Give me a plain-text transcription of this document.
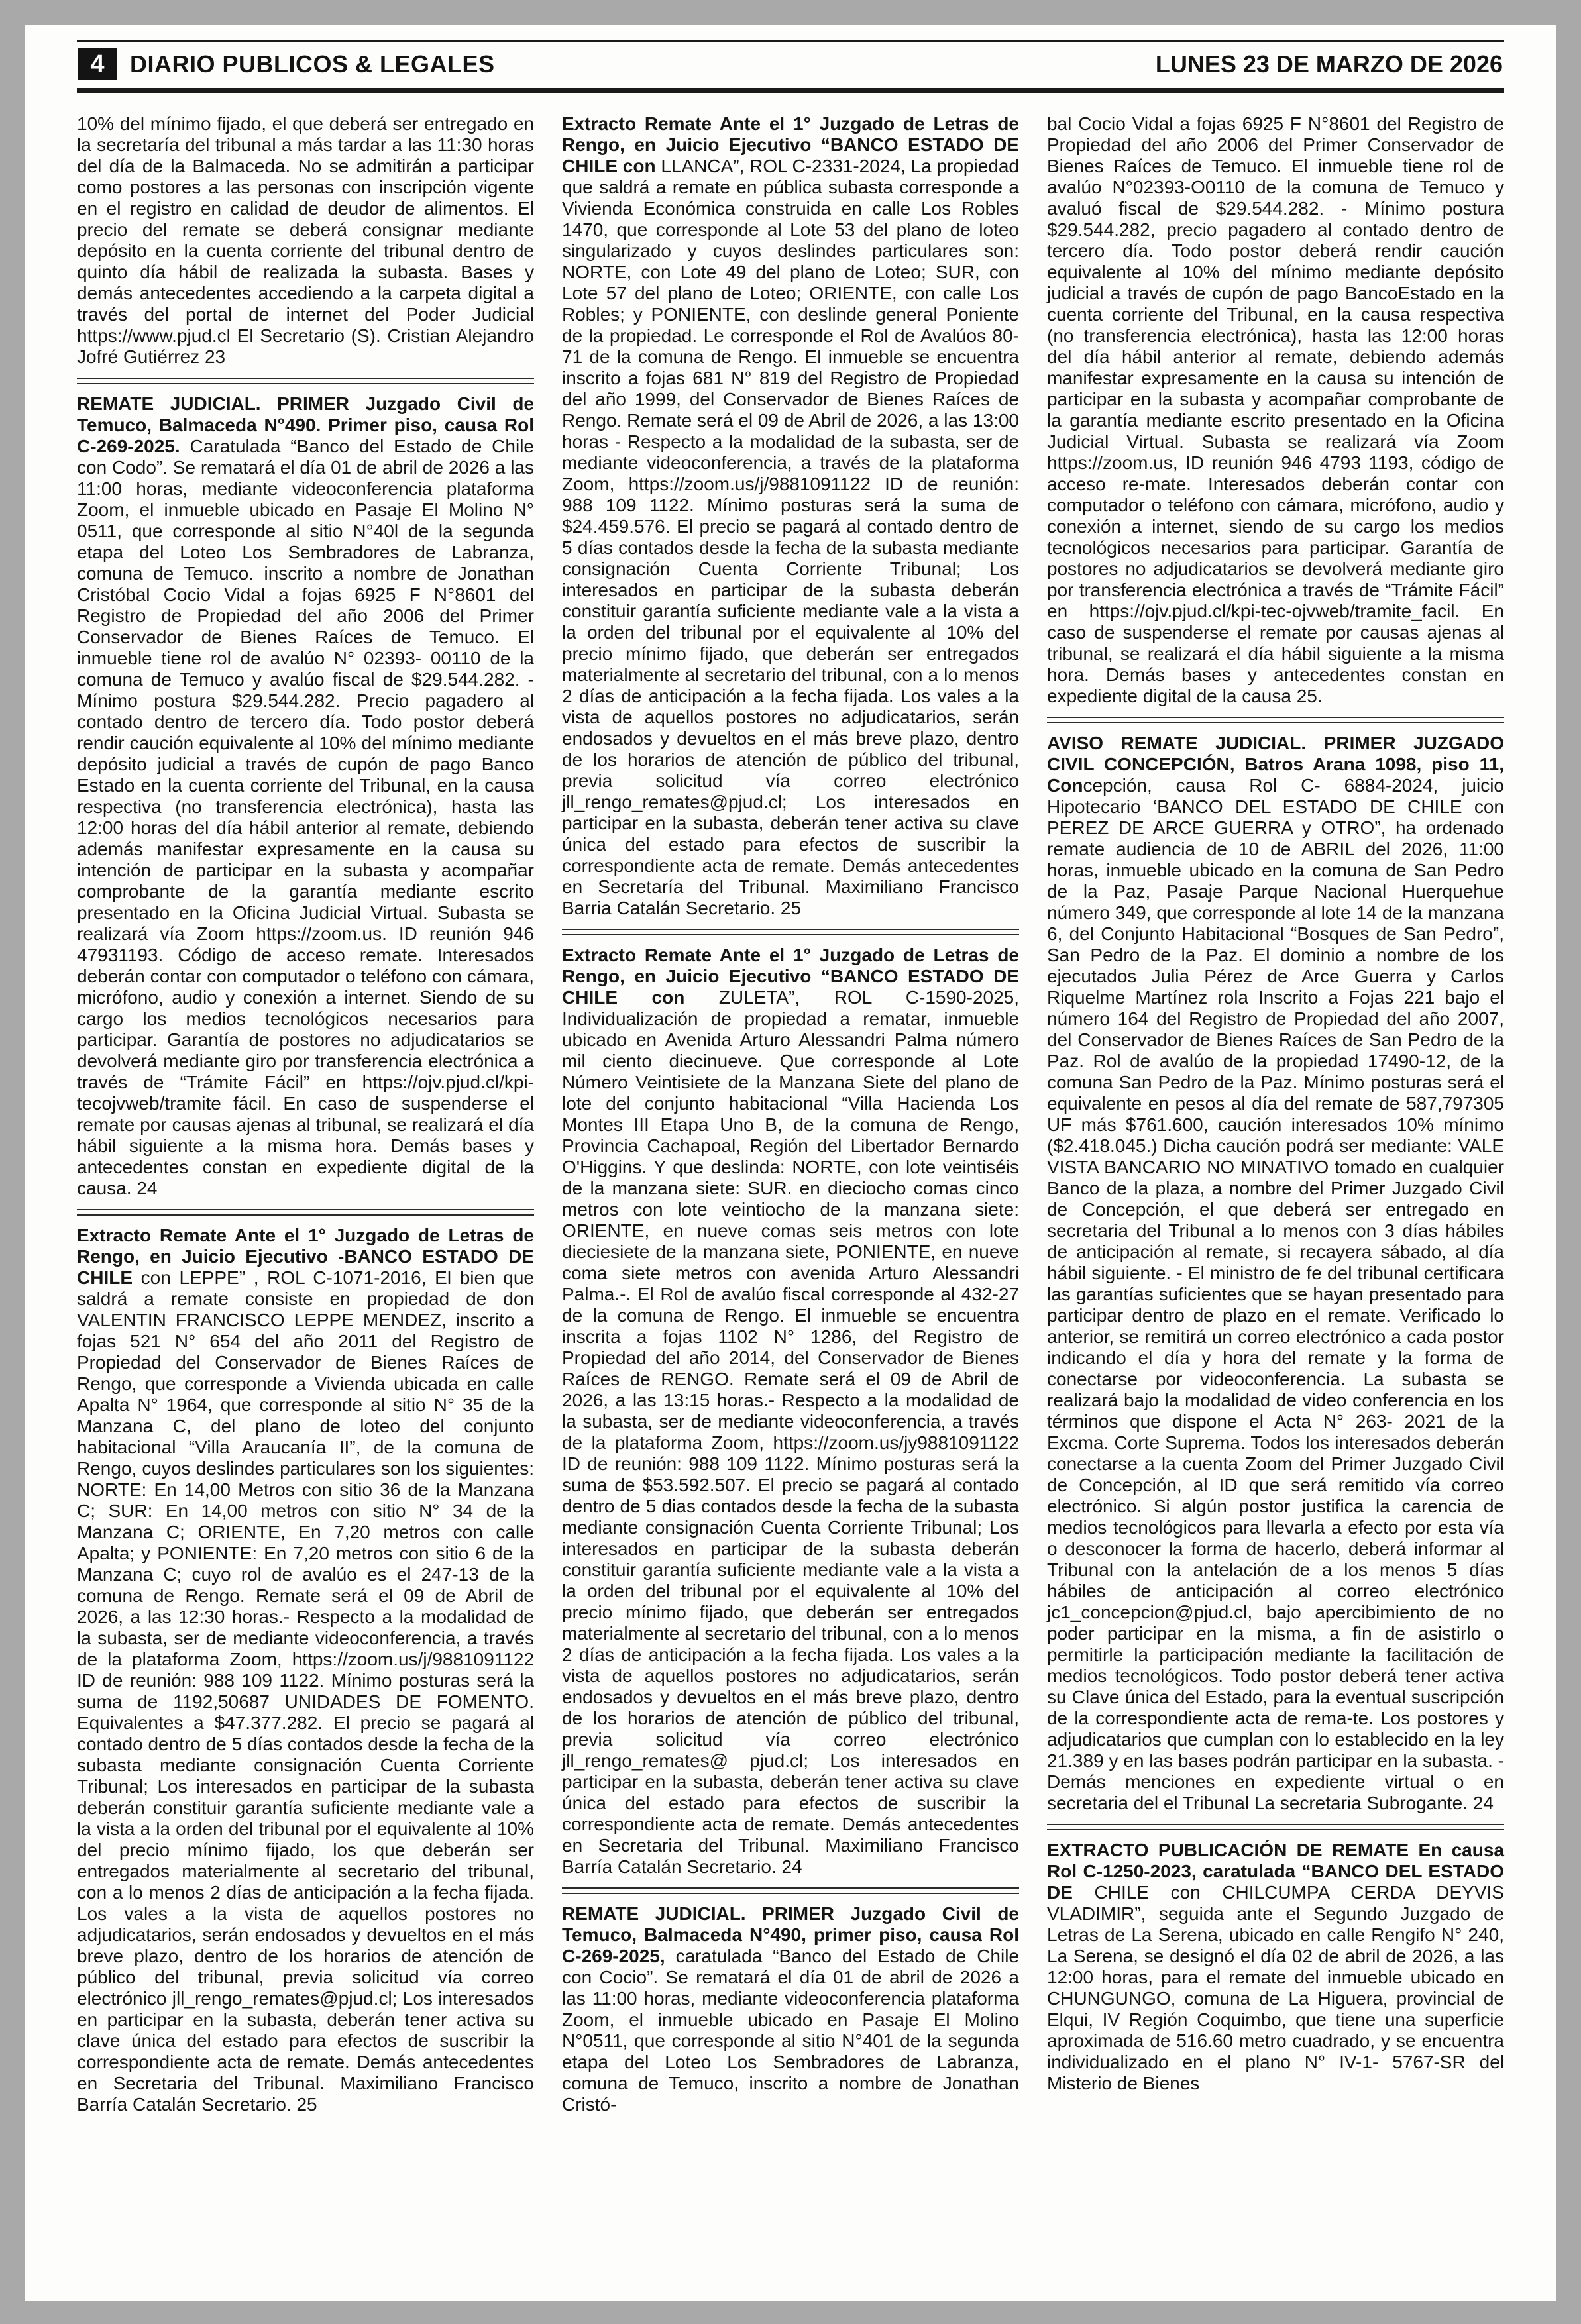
4 DIARIO PUBLICOS & LEGALES	LUNES 23 DE MARZO DE 2026

10% del mínimo fijado, el que deberá ser entregado en la secretaría del tribunal a más tardar a las 11:30 horas del día de la Balmaceda. No se admitirán a participar como postores a las personas con inscripción vigente en el registro en calidad de deudor de alimentos. El precio del remate se deberá consignar mediante depósito en la cuenta corriente del tribunal dentro de quinto día hábil de realizada la subasta. Bases y demás antecedentes accediendo a la carpeta digital a través del portal de internet del Poder Judicial https://www.pjud.cl El Secretario (S). Cristian Alejandro Jofré Gutiérrez 23

REMATE JUDICIAL. PRIMER Juzgado Civil de Temuco, Balmaceda N°490. Primer piso, causa Rol C-269-2025. Caratulada “Banco del Estado de Chile con Codo”. Se rematará el día 01 de abril de 2026 a las 11:00 horas, mediante videoconferencia plataforma Zoom, el inmueble ubicado en Pasaje El Molino N° 0511, que corresponde al sitio N°40l de la segunda etapa del Loteo Los Sembradores de Labranza, comuna de Temuco. inscrito a nombre de Jonathan Cristóbal Cocio Vidal a fojas 6925 F N°8601 del Registro de Propiedad del año 2006 del Primer Conservador de Bienes Raíces de Temuco. El inmueble tiene rol de avalúo N° 02393- 00110 de la comuna de Temuco y avalúo fiscal de $29.544.282. - Mínimo postura $29.544.282. Precio pagadero al contado dentro de tercero día. Todo postor deberá rendir caución equivalente al 10% del mínimo mediante depósito judicial a través de cupón de pago Banco Estado en la cuenta corriente del Tribunal, en la causa respectiva (no transferencia electrónica), hasta las 12:00 horas del día hábil anterior al remate, debiendo además manifestar expresamente en la causa su intención de participar en la subasta y acompañar comprobante de la garantía mediante escrito presentado en la Oficina Judicial Virtual. Subasta se realizará vía Zoom https://zoom.us. ID reunión 946 47931193. Código de acceso remate. Interesados deberán contar con computador o teléfono con cámara, micrófono, audio y conexión a internet. Siendo de su cargo los medios tecnológicos necesarios para participar. Garantía de postores no adjudicatarios se devolverá mediante giro por transferencia electrónica a través de “Trámite Fácil” en https://ojv.pjud.cl/kpi- tecojvweb/tramite fácil. En caso de suspenderse el remate por causas ajenas al tribunal, se realizará el día hábil siguiente a la misma hora. Demás bases y antecedentes constan en expediente digital de la causa. 24

Extracto Remate Ante el 1° Juzgado de Letras de Rengo, en Juicio Ejecutivo -BANCO ESTADO DE CHILE con LEPPE” , ROL C-1071-2016, El bien que saldrá a remate consiste en propiedad de don VALENTIN FRANCISCO LEPPE MENDEZ, inscrito a fojas 521 N° 654 del año 2011 del Registro de Propiedad del Conservador de Bienes Raíces de Rengo, que corresponde a Vivienda ubicada en calle Apalta N° 1964, que corresponde al sitio N° 35 de la Manzana C, del plano de loteo del conjunto habitacional “Villa Araucanía II”, de la comuna de Rengo, cuyos deslindes particulares son los siguientes: NORTE: En 14,00 Metros con sitio 36 de la Manzana C; SUR: En 14,00 metros con sitio N° 34 de la Manzana C; ORIENTE, En 7,20 metros con calle Apalta; y PONIENTE: En 7,20 metros con sitio 6 de la Manzana C; cuyo rol de avalúo es el 247-13 de la comuna de Rengo. Remate será el 09 de Abril de 2026, a las 12:30 horas.- Respecto a la modalidad de la subasta, ser de mediante videoconferencia, a través de la plataforma Zoom, https://zoom.us/j/9881091122 ID de reunión: 988 109 1122. Mínimo posturas será la suma de 1192,50687 UNIDADES DE FOMENTO. Equivalentes a $47.377.282. El precio se pagará al contado dentro de 5 días contados desde la fecha de la subasta mediante consignación Cuenta Corriente Tribunal; Los interesados en participar de la subasta deberán constituir garantía suficiente mediante vale a la vista a la orden del tribunal por el equivalente al 10% del precio mínimo fijado, los que deberán ser entregados materialmente al secretario del tribunal, con a lo menos 2 días de anticipación a la fecha fijada. Los vales a la vista de aquellos postores no adjudicatarios, serán endosados y devueltos en el más breve plazo, dentro de los horarios de atención de público del tribunal, previa solicitud vía correo electrónico jll_rengo_remates@pjud.cl; Los interesados en participar en la subasta, deberán tener activa su clave única del estado para efectos de suscribir la correspondiente acta de remate. Demás antecedentes en Secretaria del Tribunal. Maximiliano Francisco Barría Catalán Secretario. 25

Extracto Remate Ante el 1° Juzgado de Letras de Rengo, en Juicio Ejecutivo “BANCO ESTADO DE CHILE con LLANCA”, ROL C-2331-2024, La propiedad que saldrá a remate en pública subasta corresponde a Vivienda Económica construida en calle Los Robles 1470, que corresponde al Lote 53 del plano de loteo singularizado y cuyos deslindes particulares son: NORTE, con Lote 49 del plano de Loteo; SUR, con Lote 57 del plano de Loteo; ORIENTE, con calle Los Robles; y PONIENTE, con deslinde general Poniente de la propiedad. Le corresponde el Rol de Avalúos 80-71 de la comuna de Rengo. El inmueble se encuentra inscrito a fojas 681 N° 819 del Registro de Propiedad del año 1999, del Conservador de Bienes Raíces de Rengo. Remate será el 09 de Abril de 2026, a las 13:00 horas - Respecto a la modalidad de la subasta, ser de mediante videoconferencia, a través de la plataforma Zoom, https://zoom.us/j/9881091122 ID de reunión: 988 109 1122. Mínimo posturas será la suma de $24.459.576. El precio se pagará al contado dentro de 5 días contados desde la fecha de la subasta mediante consignación Cuenta Corriente Tribunal; Los interesados en participar de la subasta deberán constituir garantía suficiente mediante vale a la vista a la orden del tribunal por el equivalente al 10% del precio mínimo fijado, que deberán ser entregados materialmente al secretario del tribunal, con a lo menos 2 días de anticipación a la fecha fijada. Los vales a la vista de aquellos postores no adjudicatarios, serán endosados y devueltos en el más breve plazo, dentro de los horarios de atención de público del tribunal, previa solicitud vía correo electrónico jll_rengo_remates@pjud.cl; Los interesados en participar en la subasta, deberán tener activa su clave única del estado para efectos de suscribir la correspondiente acta de remate. Demás antecedentes en Secretaría del Tribunal. Maximiliano Francisco Barria Catalán Secretario. 25

Extracto Remate Ante el 1° Juzgado de Letras de Rengo, en Juicio Ejecutivo “BANCO ESTADO DE CHILE con ZULETA”, ROL C-1590-2025, Individualización de propiedad a rematar, inmueble ubicado en Avenida Arturo Alessandri Palma número mil ciento diecinueve. Que corresponde al Lote Número Veintisiete de la Manzana Siete del plano de lote del conjunto habitacional “Villa Hacienda Los Montes III Etapa Uno B, de la comuna de Rengo, Provincia Cachapoal, Región del Libertador Bernardo O'Higgins. Y que deslinda: NORTE, con lote veintiséis de la manzana siete: SUR. en dieciocho comas cinco metros con lote veintiocho de la manzana siete: ORIENTE, en nueve comas seis metros con lote dieciesiete de la manzana siete, PONIENTE, en nueve coma siete metros con avenida Arturo Alessandri Palma.-. El Rol de avalúo fiscal corresponde al 432-27 de la comuna de Rengo. El inmueble se encuentra inscrita a fojas 1102 N° 1286, del Registro de Propiedad del año 2014, del Conservador de Bienes Raíces de RENGO. Remate será el 09 de Abril de 2026, a las 13:15 horas.- Respecto a la modalidad de la subasta, ser de mediante videoconferencia, a través de la plataforma Zoom, https://zoom.us/jy9881091122 ID de reunión: 988 109 1122. Mínimo posturas será la suma de $53.592.507. El precio se pagará al contado dentro de 5 dias contados desde la fecha de la subasta mediante consignación Cuenta Corriente Tribunal; Los interesados en participar de la subasta deberán constituir garantía suficiente mediante vale a la vista a la orden del tribunal por el equivalente al 10% del precio mínimo fijado, que deberán ser entregados materialmente al secretario del tribunal, con a lo menos 2 días de anticipación a la fecha fijada. Los vales a la vista de aquellos postores no adjudicatarios, serán endosados y devueltos en el más breve plazo, dentro de los horarios de atención de público del tribunal, previa solicitud vía correo electrónico jll_rengo_remates@ pjud.cl; Los interesados en participar en la subasta, deberán tener activa su clave única del estado para efectos de suscribir la correspondiente acta de remate. Demás antecedentes en Secretaria del Tribunal. Maximiliano Francisco Barría Catalán Secretario. 24

REMATE JUDICIAL. PRIMER Juzgado Civil de Temuco, Balmaceda N°490, primer piso, causa Rol C-269-2025, caratulada “Banco del Estado de Chile con Cocio”. Se rematará el día 01 de abril de 2026 a las 11:00 horas, mediante videoconferencia plataforma Zoom, el inmueble ubicado en Pasaje El Molino N°0511, que corresponde al sitio N°401 de la segunda etapa del Loteo Los Sembradores de Labranza, comuna de Temuco, inscrito a nombre de Jonathan Cristó-

bal Cocio Vidal a fojas 6925 F N°8601 del Registro de Propiedad del año 2006 del Primer Conservador de Bienes Raíces de Temuco. El inmueble tiene rol de avalúo N°02393-O0110 de la comuna de Temuco y avaluó fiscal de $29.544.282. - Mínimo postura $29.544.282, precio pagadero al contado dentro de tercero día. Todo postor deberá rendir caución equivalente al 10% del mínimo mediante depósito judicial a través de cupón de pago BancoEstado en la cuenta corriente del Tribunal, en la causa respectiva (no transferencia electrónica), hasta las 12:00 horas del día hábil anterior al remate, debiendo además manifestar expresamente en la causa su intención de participar en la subasta y acompañar comprobante de la garantía mediante escrito presentado en la Oficina Judicial Virtual. Subasta se realizará vía Zoom https://zoom.us, ID reunión 946 4793 1193, código de acceso re-mate. Interesados deberán contar con computador o teléfono con cámara, micrófono, audio y conexión a internet, siendo de su cargo los medios tecnológicos necesarios para participar. Garantía de postores no adjudicatarios se devolverá mediante giro por transferencia electrónica a través de “Trámite Fácil” en https://ojv.pjud.cl/kpi-tec-ojvweb/tramite_facil. En caso de suspenderse el remate por causas ajenas al tribunal, se realizará el día hábil siguiente a la misma hora. Demás bases y antecedentes constan en expediente digital de la causa 25.

AVISO REMATE JUDICIAL. PRIMER JUZGADO CIVIL CONCEPCIÓN, Batros Arana 1098, piso 11, Concepción, causa Rol C- 6884-2024, juicio Hipotecario ‘BANCO DEL ESTADO DE CHILE con PEREZ DE ARCE GUERRA y OTRO”, ha ordenado remate audiencia de 10 de ABRIL del 2026, 11:00 horas, inmueble ubicado en la comuna de San Pedro de la Paz, Pasaje Parque Nacional Huerquehue número 349, que corresponde al lote 14 de la manzana 6, del Conjunto Habitacional “Bosques de San Pedro”, San Pedro de la Paz. El dominio a nombre de los ejecutados Julia Pérez de Arce Guerra y Carlos Riquelme Martínez rola Inscrito a Fojas 221 bajo el número 164 del Registro de Propiedad del año 2007, del Conservador de Bienes Raíces de San Pedro de la Paz. Rol de avalúo de la propiedad 17490-12, de la comuna San Pedro de la Paz. Mínimo posturas será el equivalente en pesos al día del remate de 587,797305 UF más $761.600, caución interesados 10% mínimo ($2.418.045.) Dicha caución podrá ser mediante: VALE VISTA BANCARIO NO MINATIVO tomado en cualquier Banco de la plaza, a nombre del Primer Juzgado Civil de Concepción, el que deberá ser entregado en secretaria del Tribunal a lo menos con 3 días hábiles de anticipación al remate, si recayera sábado, al día hábil siguiente. - El ministro de fe del tribunal certificara las garantías suficientes que se hayan presentado para participar dentro de plazo en el remate. Verificado lo anterior, se remitirá un correo electrónico a cada postor indicando el día y hora del remate y la forma de conectarse por videoconferencia. La subasta se realizará bajo la modalidad de video conferencia en los términos que dispone el Acta N° 263- 2021 de la Excma. Corte Suprema. Todos los interesados deberán conectarse a la cuenta Zoom del Primer Juzgado Civil de Concepción, al ID que será remitido vía correo electrónico. Si algún postor justifica la carencia de medios tecnológicos para llevarla a efecto por esta vía o desconocer la forma de hacerlo, deberá informar al Tribunal con la antelación de a los menos 5 días hábiles de anticipación al correo electrónico jc1_concepcion@pjud.cl, bajo apercibimiento de no poder participar en la misma, a fin de asistirlo o permitirle la participación mediante la facilitación de medios tecnológicos. Todo postor deberá tener activa su Clave única del Estado, para la eventual suscripción de la correspondiente acta de rema-te. Los postores y adjudicatarios que cumplan con lo establecido en la ley 21.389 y en las bases podrán participar en la subasta. -Demás menciones en expediente virtual o en secretaria del el Tribunal La secretaria Subrogante. 24

EXTRACTO PUBLICACIÓN DE REMATE En causa Rol C-1250-2023, caratulada “BANCO DEL ESTADO DE CHILE con CHILCUMPA CERDA DEYVIS VLADIMIR”, seguida ante el Segundo Juzgado de Letras de La Serena, ubicado en calle Rengifo N° 240, La Serena, se designó el día 02 de abril de 2026, a las 12:00 horas, para el remate del inmueble ubicado en CHUNGUNGO, comuna de La Higuera, provincial de Elqui, IV Región Coquimbo, que tiene una superficie aproximada de 516.60 metro cuadrado, y se encuentra individualizado en el plano N° IV-1- 5767-SR del Misterio de Bienes
